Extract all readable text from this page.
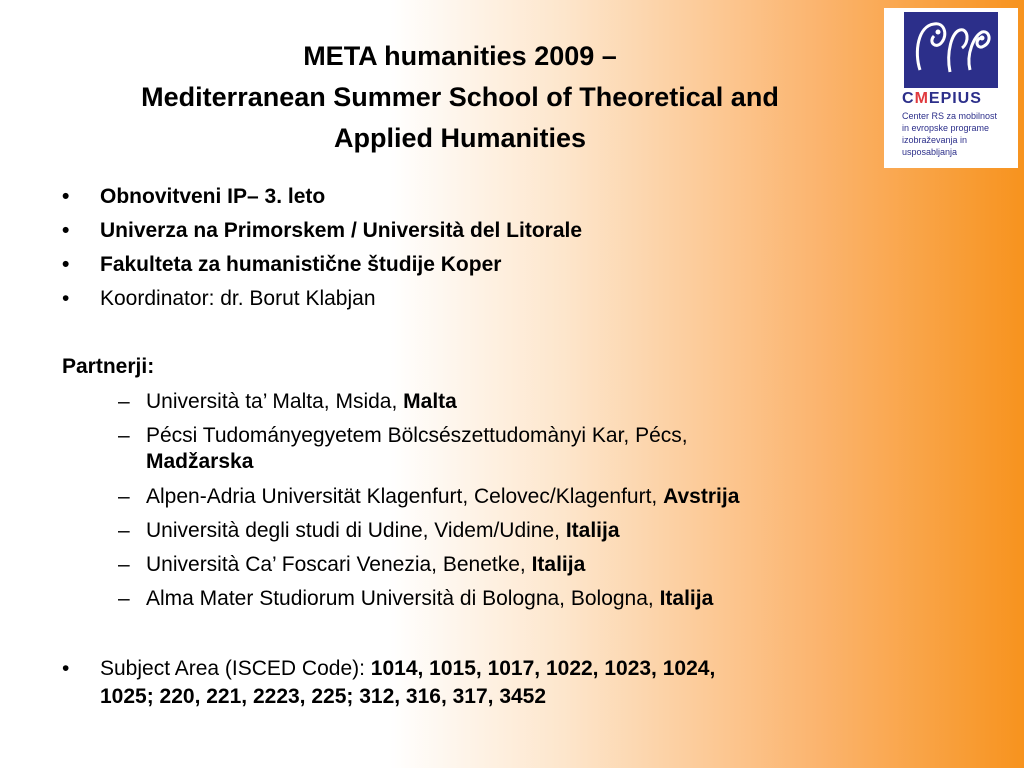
META humanities 2009 –
Mediterranean Summer School of Theoretical and
Applied Humanities
CMEPIUS
Center RS za mobilnost
in evropske programe
izobraževanja in
usposabljanja
• Obnovitveni IP– 3. leto
• Univerza na Primorskem / Università del Litorale
• Fakulteta za humanistične študije Koper
• Koordinator: dr. Borut Klabjan
Partnerji:
– Università ta’ Malta, Msida, Malta
– Pécsi Tudományegyetem Bölcsészettudomànyi Kar, Pécs,
Madžarska
– Alpen-Adria Universität Klagenfurt, Celovec/Klagenfurt, Avstrija
– Università degli studi di Udine, Videm/Udine, Italija
– Università Ca’ Foscari Venezia, Benetke, Italija
– Alma Mater Studiorum Università di Bologna, Bologna, Italija
• Subject Area (ISCED Code): 1014, 1015, 1017, 1022, 1023, 1024,
1025; 220, 221, 2223, 225; 312, 316, 317, 3452
